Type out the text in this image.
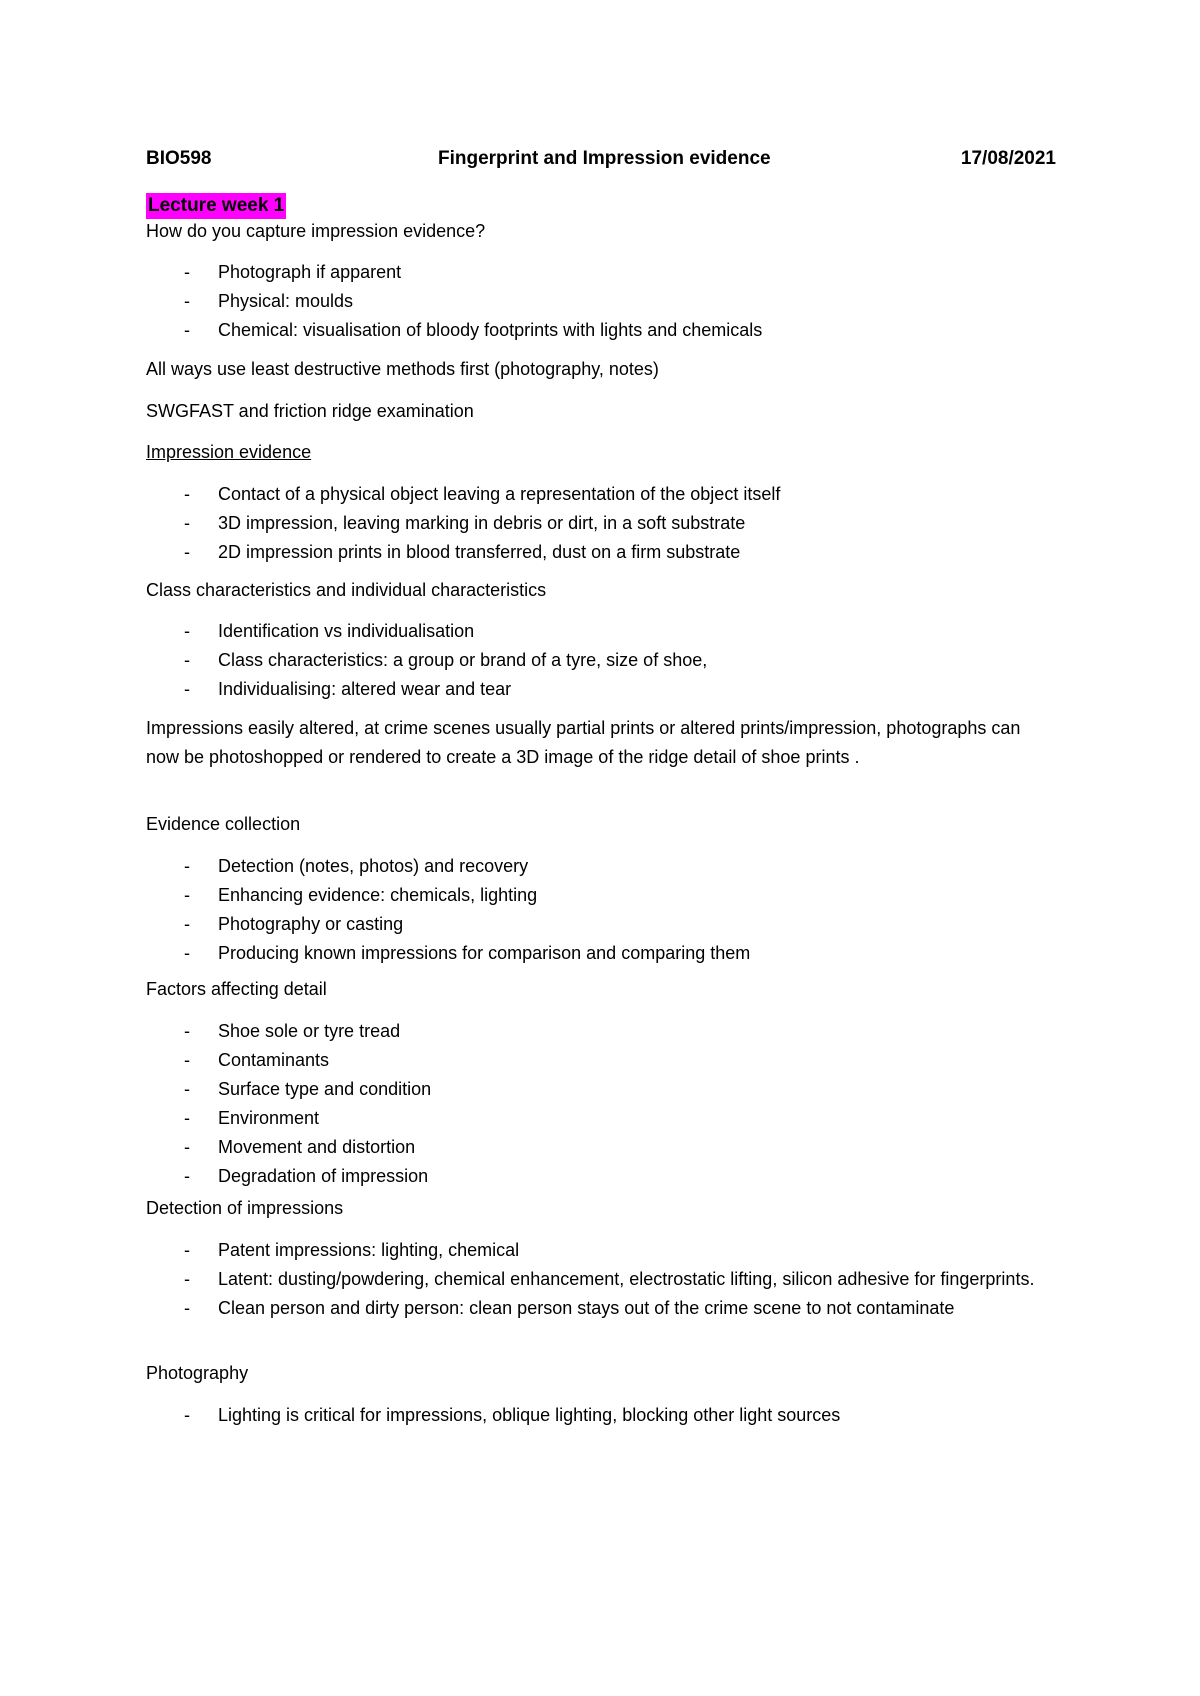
BIO598	Fingerprint and Impression evidence	17/08/2021
Lecture week 1

How do you capture impression evidence?

- Photograph if apparent
- Physical: moulds
- Chemical: visualisation of bloody footprints with lights and chemicals

All ways use least destructive methods first (photography, notes)

SWGFAST and friction ridge examination

Impression evidence

- Contact of a physical object leaving a representation of the object itself
- 3D impression, leaving marking in debris or dirt, in a soft substrate
- 2D impression prints in blood transferred, dust on a firm substrate

Class characteristics and individual characteristics

- Identification vs individualisation
- Class characteristics: a group or brand of a tyre, size of shoe,
- Individualising: altered wear and tear

Impressions easily altered, at crime scenes usually partial prints or altered prints/impression, photographs can now be photoshopped or rendered to create a 3D image of the ridge detail of shoe prints .

Evidence collection

- Detection (notes, photos) and recovery
- Enhancing evidence: chemicals, lighting
- Photography or casting
- Producing known impressions for comparison and comparing them

Factors affecting detail

- Shoe sole or tyre tread
- Contaminants
- Surface type and condition
- Environment
- Movement and distortion
- Degradation of impression

Detection of impressions

- Patent impressions: lighting, chemical
- Latent: dusting/powdering, chemical enhancement, electrostatic lifting, silicon adhesive for fingerprints.
- Clean person and dirty person: clean person stays out of the crime scene to not contaminate

Photography

- Lighting is critical for impressions, oblique lighting, blocking other light sources
